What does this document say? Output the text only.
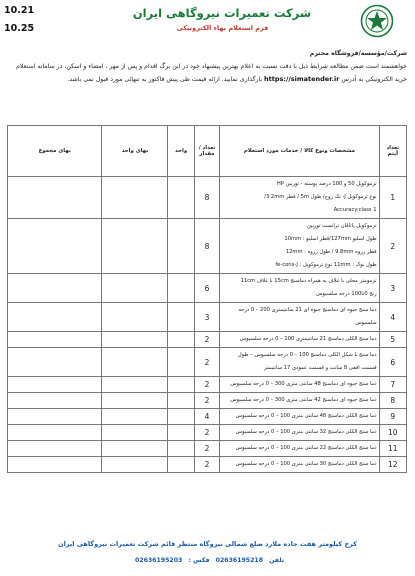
10.21
10.25
شرکت تعمیرات نیروگاهی ایران
فرم استعلام بهاء الکترونیکی
شرکت/مؤسسه/فروشگاه محترم
خواهشمند است ضمن مطالعه شرایط ذیل با دقت نسبت به اعلام بهترین پیشنهاد خود در این برگ اقدام و پس از مهر ، امضاء و اسکن، در سامانه استعلام خرید الکترونیکی به آدرس https://simatender.ir بارگذاری نمایید. ارائه قیمت طی پیش فاکتور به تنهائی مورد قبول نمی باشد.
تعداد آیتم	مشخصات ونوع کالا / خدمات مورد استعلام	تعداد / مقدار	واحد	بهای واحد	بهای مجموع
1	ترموکوپل 50 و 100 درصد پوسته - توربین HP
نوع ترموکوپل J- تک زوج/ طول 5m / قطر 3.2mm/
Accuracy:class 1	8			
2	ترموکوپل یاتاقان ترانست توربین
طول اسلیو 127mm/قطر اسلیو : 10mm
قطر رزوه 9.8mm / طول رزوه : 12mm
طول نوک : 11mm نوع ترموکوپل : fe-cons-J	8			
3	ترمومتر محلی با غلاف به همراه دماسنج 15cm با غلاف 11cm
رنج 0تا100 درجه سلسیوس	6			
4	دما سنج جیوه ای دماسنج جیوه ای 21 سانتیمتری 200 – 0 درجه
سلسیوس	3			
5	دما سنج الکلی دماسنج 21 سانتیمتری 100 – 0 درجه سلسیوس	2			
6	دما سنج L شکل الکلی دماسنج 100 – 0 درجه سلسیوس – طول
قسمت افقی 8 سانت و قسمت عمودی 17 سانتیمتر	2			
7	دما سنج جیوه ای دماسنج 48 سانتی متری 300 – 0 درجه سلسیوس	2			
8	دما سنج جیوه ای دماسنج 42 سانتی متری 300 – 0 درجه سلسیوس	2			
9	دما سنج الکلی دماسنج 48 سانتی متری 100 – 0 درجه سلسیوس	4			
10	دما سنج الکلی دماسنج 32 سانتی متری 100 – 0 درجه سلسیوس	2			
11	دما سنج الکلی دماسنج 22 سانتی متری 100 – 0 درجه سلسیوس	2			
12	دما سنج الکلی دماسنج 30 سانتی متری 100 – 0 درجه سلسیوس	2			
کرج کیلومتر هفت جاده ملارد ضلع شمالی نیروگاه منتظر قائم شرکت تعمیرات نیروگاهی ایران
تلفن 02636195218 فکس : 02636195203
